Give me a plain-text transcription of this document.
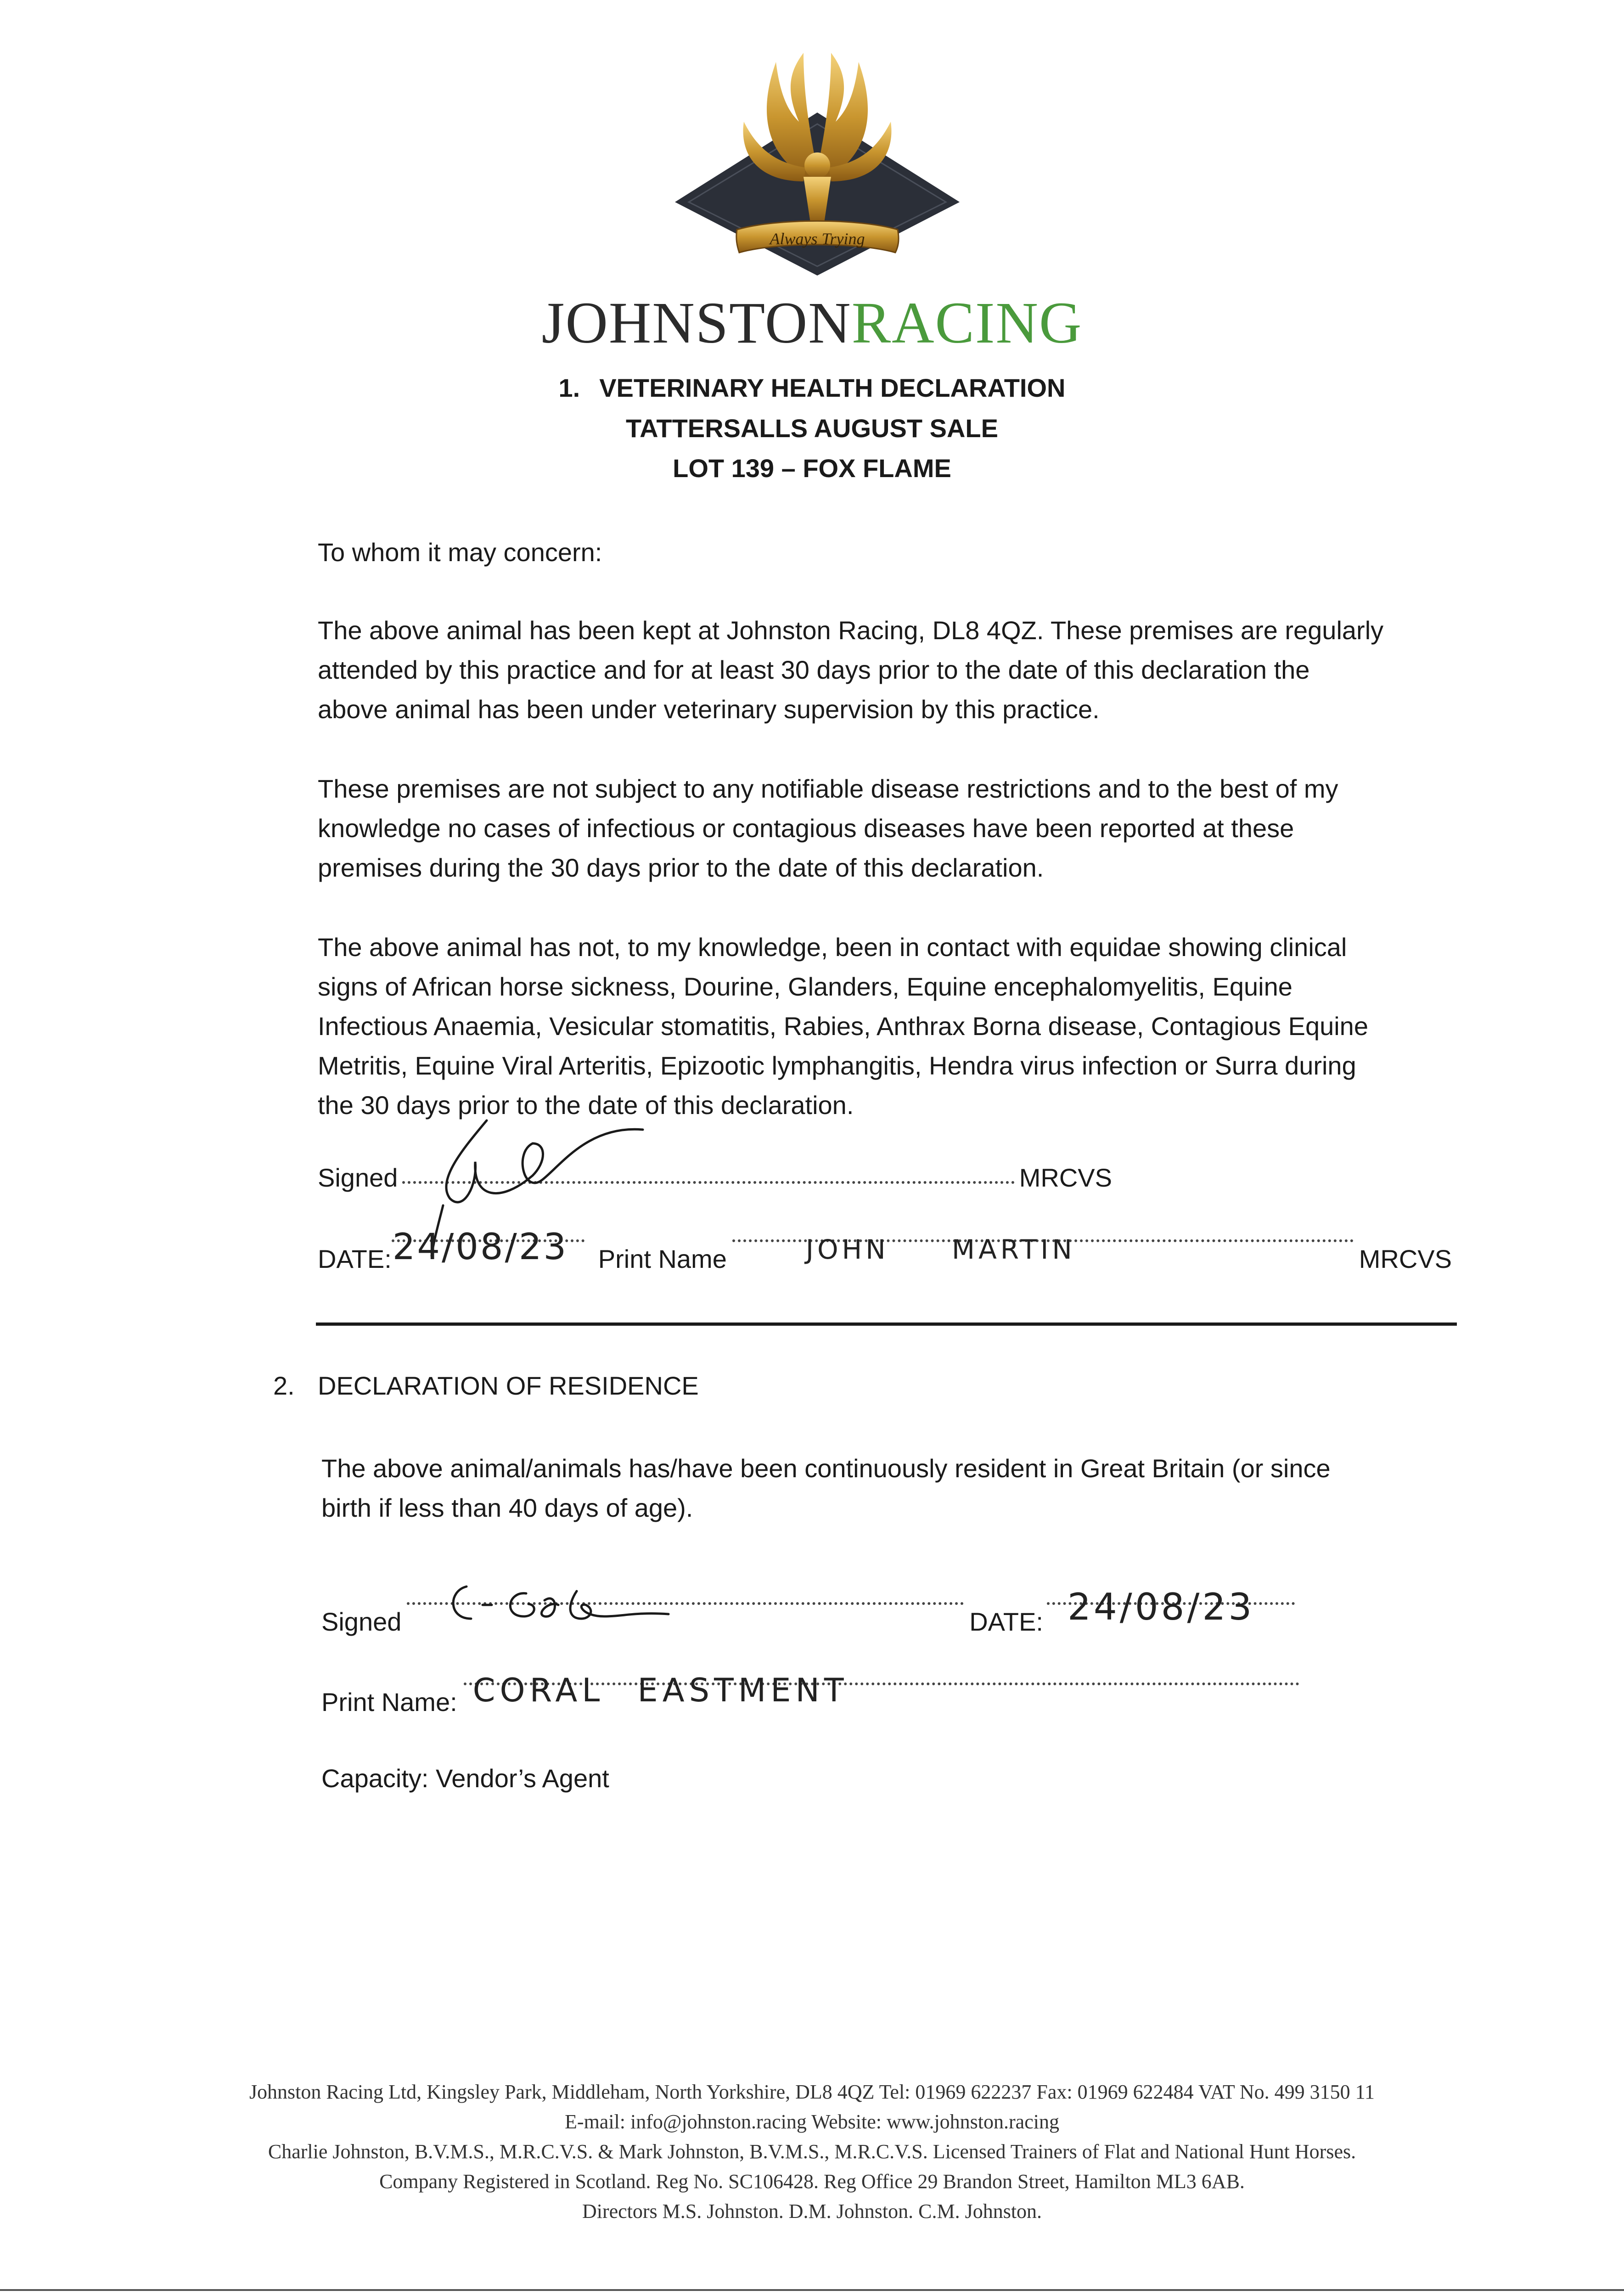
Always Trying
JOHNSTONRACING
1. VETERINARY HEALTH DECLARATION
TATTERSALLS AUGUST SALE
LOT 139 – FOX FLAME
To whom it may concern:
The above animal has been kept at Johnston Racing, DL8 4QZ. These premises are regularly
attended by this practice and for at least 30 days prior to the date of this declaration the
above animal has been under veterinary supervision by this practice.
These premises are not subject to any notifiable disease restrictions and to the best of my
knowledge no cases of infectious or contagious diseases have been reported at these
premises during the 30 days prior to the date of this declaration.
The above animal has not, to my knowledge, been in contact with equidae showing clinical
signs of African horse sickness, Dourine, Glanders, Equine encephalomyelitis, Equine
Infectious Anaemia, Vesicular stomatitis, Rabies, Anthrax Borna disease, Contagious Equine
Metritis, Equine Viral Arteritis, Epizootic lymphangitis, Hendra virus infection or Surra during
the 30 days prior to the date of this declaration.
Signed	MRCVS
DATE: 24/08/23 Print Name	JOHN MARTIN	MRCVS
2. DECLARATION OF RESIDENCE
The above animal/animals has/have been continuously resident in Great Britain (or since
birth if less than 40 days of age).
Signed	DATE: 24/08/23
Print Name: CORAL EASTMENT
Capacity: Vendor’s Agent
Johnston Racing Ltd, Kingsley Park, Middleham, North Yorkshire, DL8 4QZ Tel: 01969 622237 Fax: 01969 622484 VAT No. 499 3150 11
E-mail: info@johnston.racing Website: www.johnston.racing
Charlie Johnston, B.V.M.S., M.R.C.V.S. & Mark Johnston, B.V.M.S., M.R.C.V.S. Licensed Trainers of Flat and National Hunt Horses.
Company Registered in Scotland. Reg No. SC106428. Reg Office 29 Brandon Street, Hamilton ML3 6AB.
Directors M.S. Johnston. D.M. Johnston. C.M. Johnston.
